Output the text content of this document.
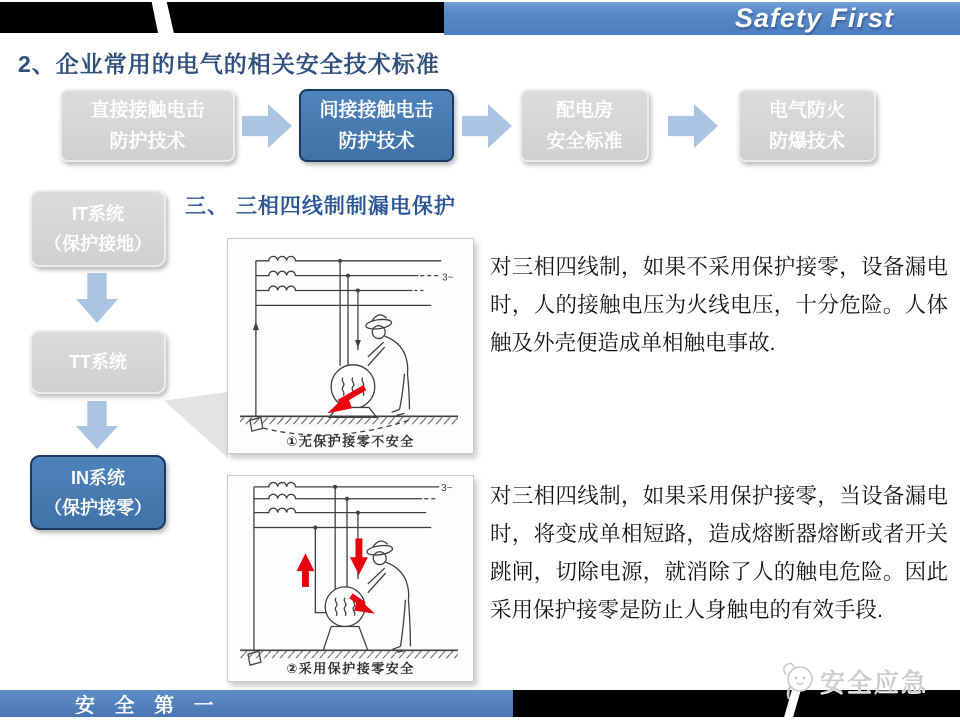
Safety First
2、企业常用的电气的相关安全技术标准
直接接触电击
防护技术
间接接触电击
防护技术
配电房
安全标准
电气防火
防爆技术
IT系统
（保护接地）
TT系统
IN系统
（保护接零）
三、 三相四线制制漏电保护
3~
①无保护接零不安全
3~
②采用保护接零安全
对三相四线制，如果不采用保护接零，设备漏电时，人的接触电压为火线电压，十分危险。人体触及外壳便造成单相触电事故.
对三相四线制，如果采用保护接零，当设备漏电时，将变成单相短路，造成熔断器熔断或者开关跳闸，切除电源，就消除了人的触电危险。因此采用保护接零是防止人身触电的有效手段.
安 全 第 一
安全应急
